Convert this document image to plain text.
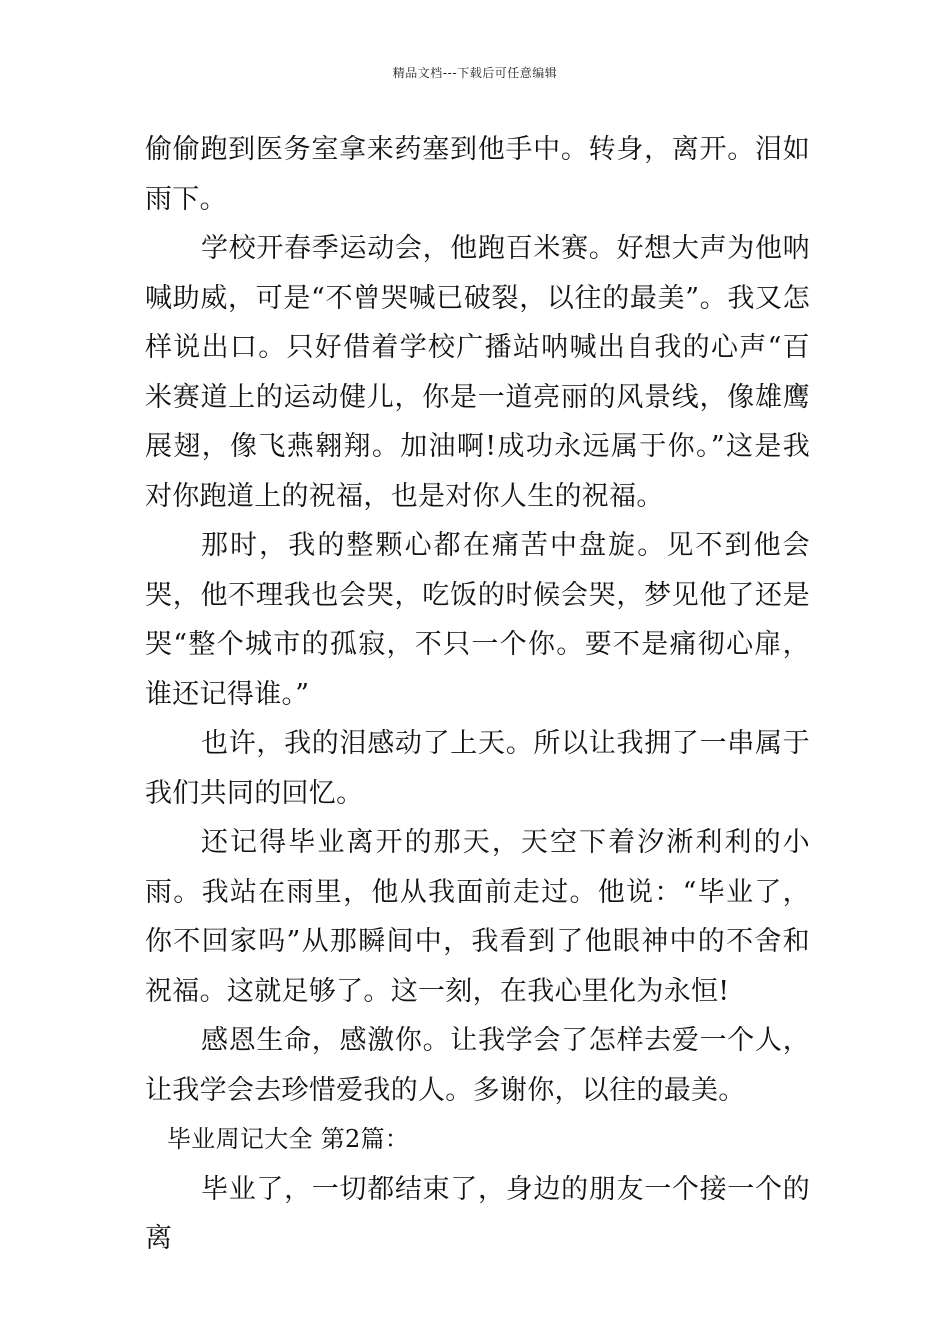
精品文档---下载后可任意编辑

偷偷跑到医务室拿来药塞到他手中。转身，离开。泪如雨下。

学校开春季运动会，他跑百米赛。好想大声为他呐喊助威，可是“不曾哭喊已破裂，以往的最美”。我又怎样说出口。只好借着学校广播站呐喊出自我的心声“百米赛道上的运动健儿，你是一道亮丽的风景线，像雄鹰展翅，像飞燕翱翔。加油啊!成功永远属于你。”这是我对你跑道上的祝福，也是对你人生的祝福。

那时，我的整颗心都在痛苦中盘旋。见不到他会哭，他不理我也会哭，吃饭的时候会哭，梦见他了还是哭“整个城市的孤寂，不只一个你。要不是痛彻心扉，谁还记得谁。”

也许，我的泪感动了上天。所以让我拥了一串属于我们共同的回忆。

还记得毕业离开的那天，天空下着汐淅利利的小雨。我站在雨里，他从我面前走过。他说：“毕业了，你不回家吗”从那瞬间中，我看到了他眼神中的不舍和祝福。这就足够了。这一刻，在我心里化为永恒!

感恩生命，感激你。让我学会了怎样去爱一个人，让我学会去珍惜爱我的人。多谢你，以往的最美。

毕业周记大全 第2篇：

毕业了，一切都结束了，身边的朋友一个接一个的离
